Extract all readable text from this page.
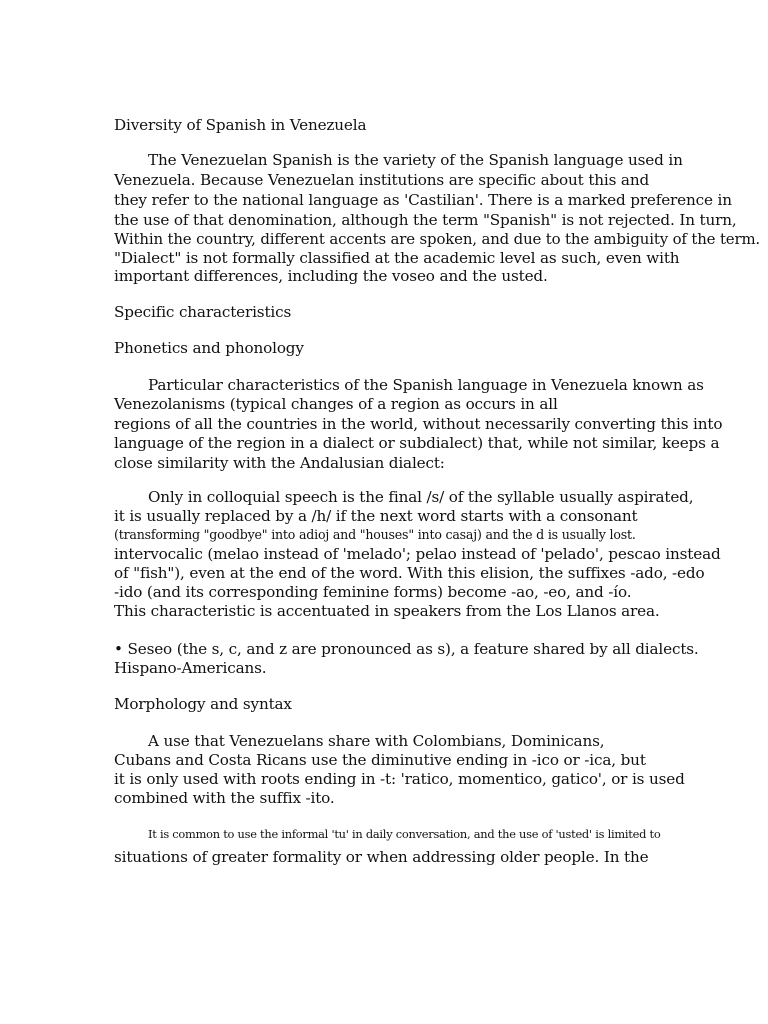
Diversity of Spanish in Venezuela
The Venezuelan Spanish is the variety of the Spanish language used in
Venezuela. Because Venezuelan institutions are specific about this and
they refer to the national language as 'Castilian'. There is a marked preference in
the use of that denomination, although the term "Spanish" is not rejected. In turn,
Within the country, different accents are spoken, and due to the ambiguity of the term.
"Dialect" is not formally classified at the academic level as such, even with
important differences, including the voseo and the usted.
Specific characteristics
Phonetics and phonology
Particular characteristics of the Spanish language in Venezuela known as
Venezolanisms (typical changes of a region as occurs in all
regions of all the countries in the world, without necessarily converting this into
language of the region in a dialect or subdialect) that, while not similar, keeps a
close similarity with the Andalusian dialect:
Only in colloquial speech is the final /s/ of the syllable usually aspirated,
it is usually replaced by a /h/ if the next word starts with a consonant
(transforming "goodbye" into adioj and "houses" into casaj) and the d is usually lost.
intervocalic (melao instead of 'melado'; pelao instead of 'pelado', pescao instead
of "fish"), even at the end of the word. With this elision, the suffixes -ado, -edo
-ido (and its corresponding feminine forms) become -ao, -eo, and -ío.
This characteristic is accentuated in speakers from the Los Llanos area.
• Seseo (the s, c, and z are pronounced as s), a feature shared by all dialects.
Hispano-Americans.
Morphology and syntax
A use that Venezuelans share with Colombians, Dominicans,
Cubans and Costa Ricans use the diminutive ending in -ico or -ica, but
it is only used with roots ending in -t: 'ratico, momentico, gatico', or is used
combined with the suffix -ito.
It is common to use the informal 'tu' in daily conversation, and the use of 'usted' is limited to
situations of greater formality or when addressing older people. In the
